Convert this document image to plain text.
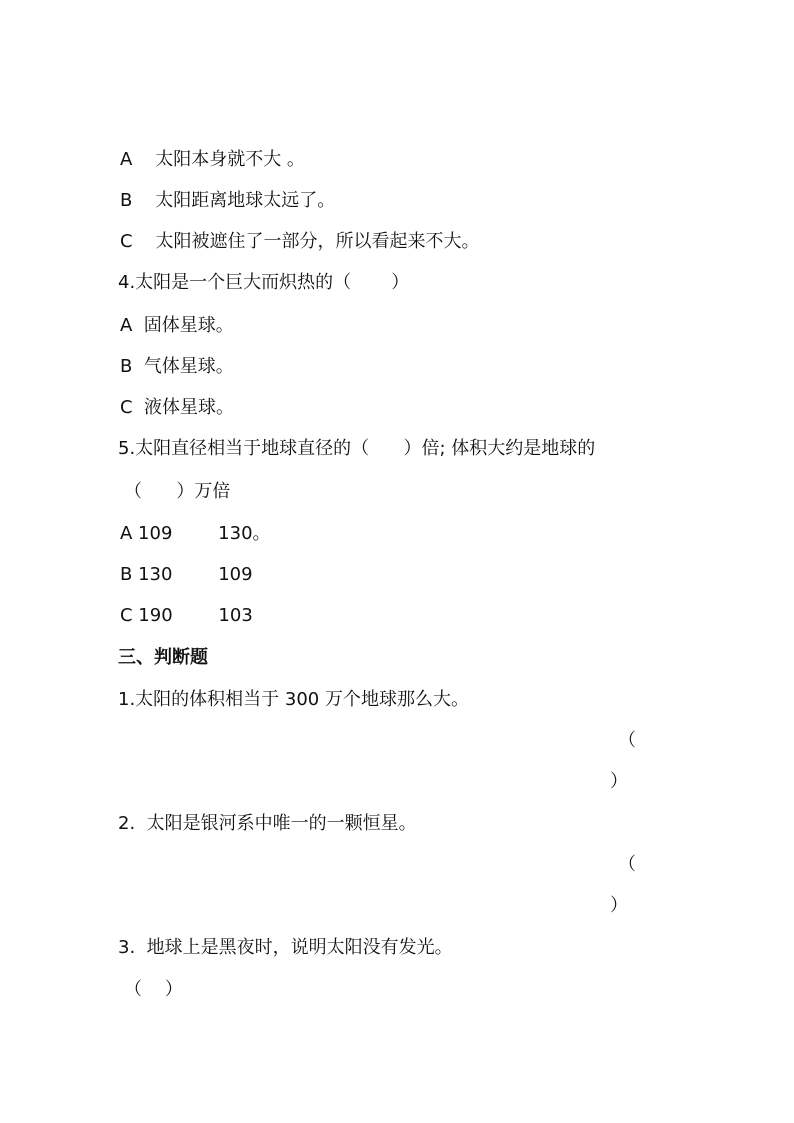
A    太阳本身就不大 。
B    太阳距离地球太远了。
C    太阳被遮住了一部分，所以看起来不大。
4.太阳是一个巨大而炽热的（       ）
A  固体星球。
B  气体星球。
C  液体星球。
5.太阳直径相当于地球直径的（      ）倍; 体积大约是地球的
（      ）万倍
A 109        130。
B 130        109
C 190        103
三、判断题
1.太阳的体积相当于 300 万个地球那么大。
（
）
2.  太阳是银河系中唯一的一颗恒星。
（
）
3.  地球上是黑夜时，说明太阳没有发光。
（    ）
